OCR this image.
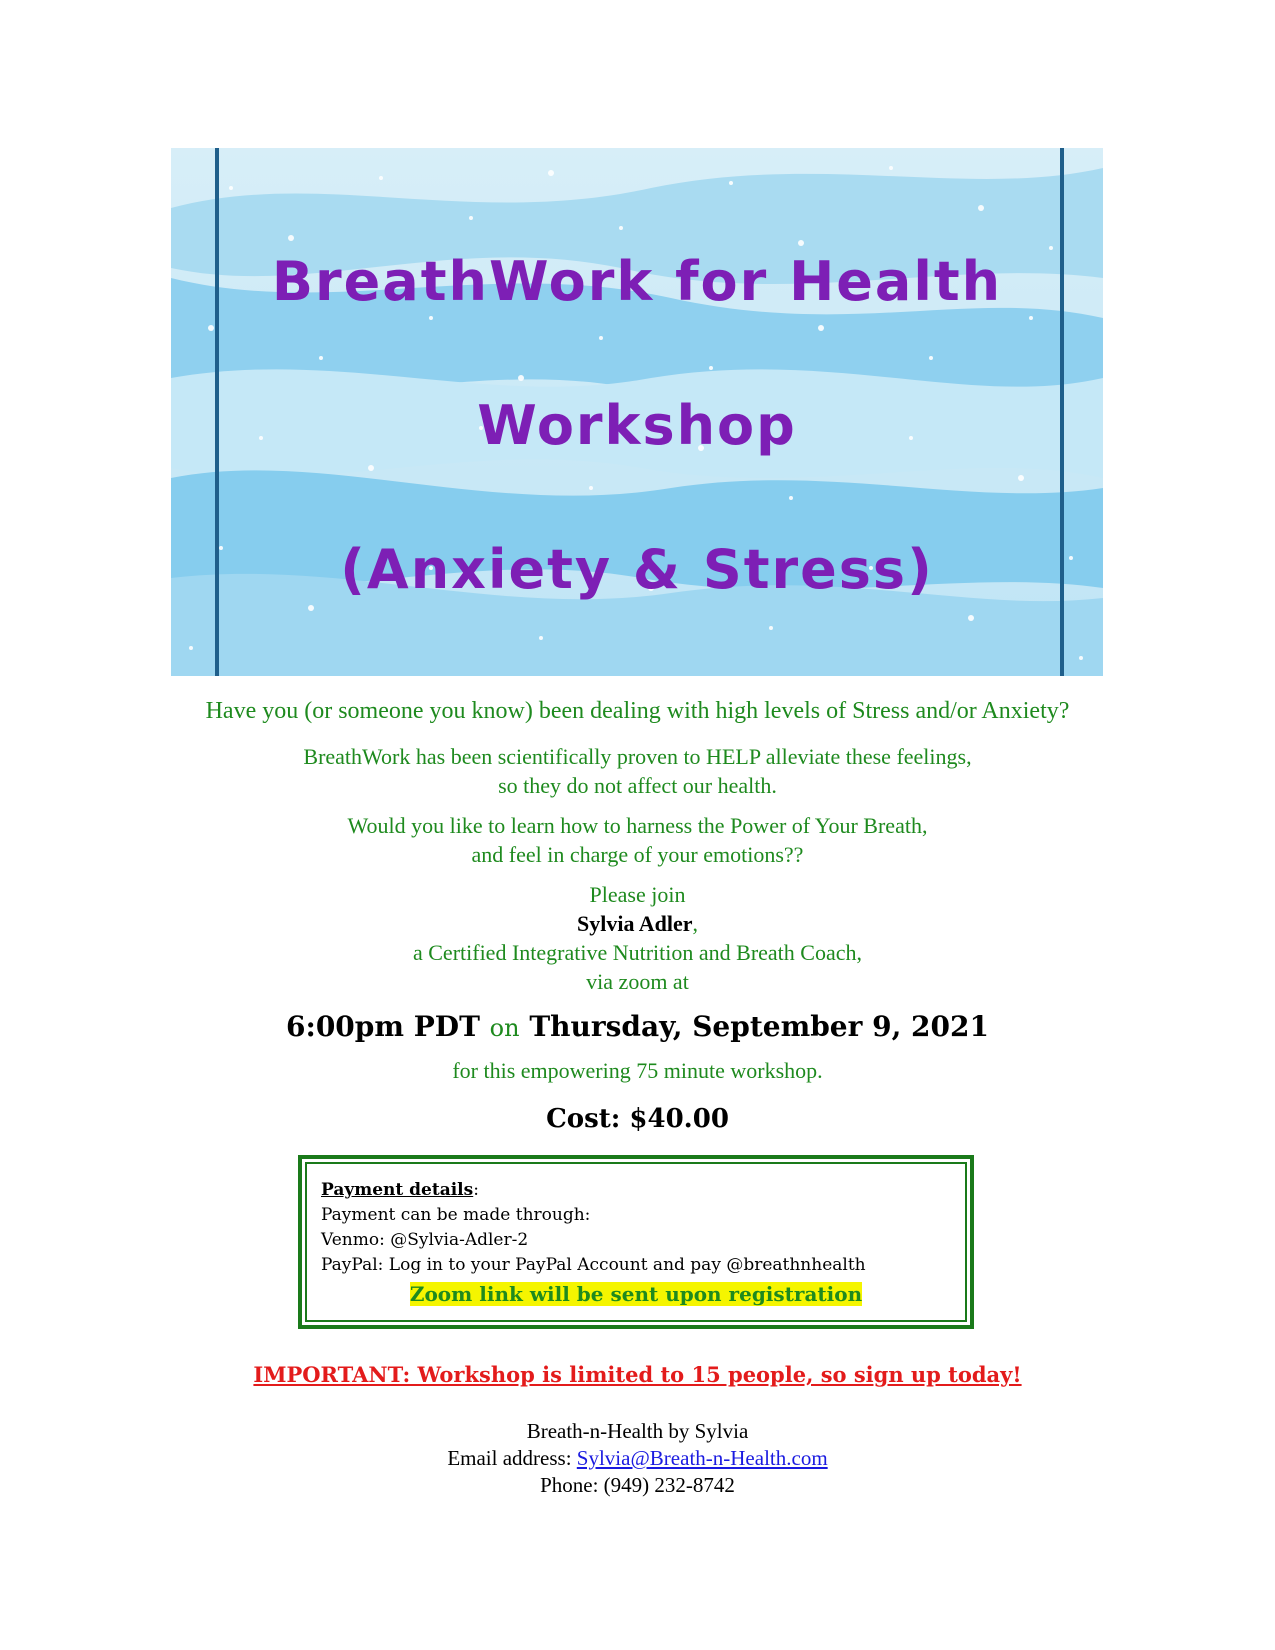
BreathWork for Health
Workshop
(Anxiety & Stress)
Have you (or someone you know) been dealing with high levels of Stress and/or Anxiety?
BreathWork has been scientifically proven to HELP alleviate these feelings,
so they do not affect our health.
Would you like to learn how to harness the Power of Your Breath,
and feel in charge of your emotions??
Please join
Sylvia Adler,
a Certified Integrative Nutrition and Breath Coach,
via zoom at
6:00pm PDT on Thursday, September 9, 2021
for this empowering 75 minute workshop.
Cost: $40.00
Payment details:
Payment can be made through:
Venmo: @Sylvia-Adler-2
PayPal: Log in to your PayPal Account and pay @breathnhealth
Zoom link will be sent upon registration
IMPORTANT: Workshop is limited to 15 people, so sign up today!
Breath-n-Health by Sylvia
Email address: Sylvia@Breath-n-Health.com
Phone: (949) 232-8742
